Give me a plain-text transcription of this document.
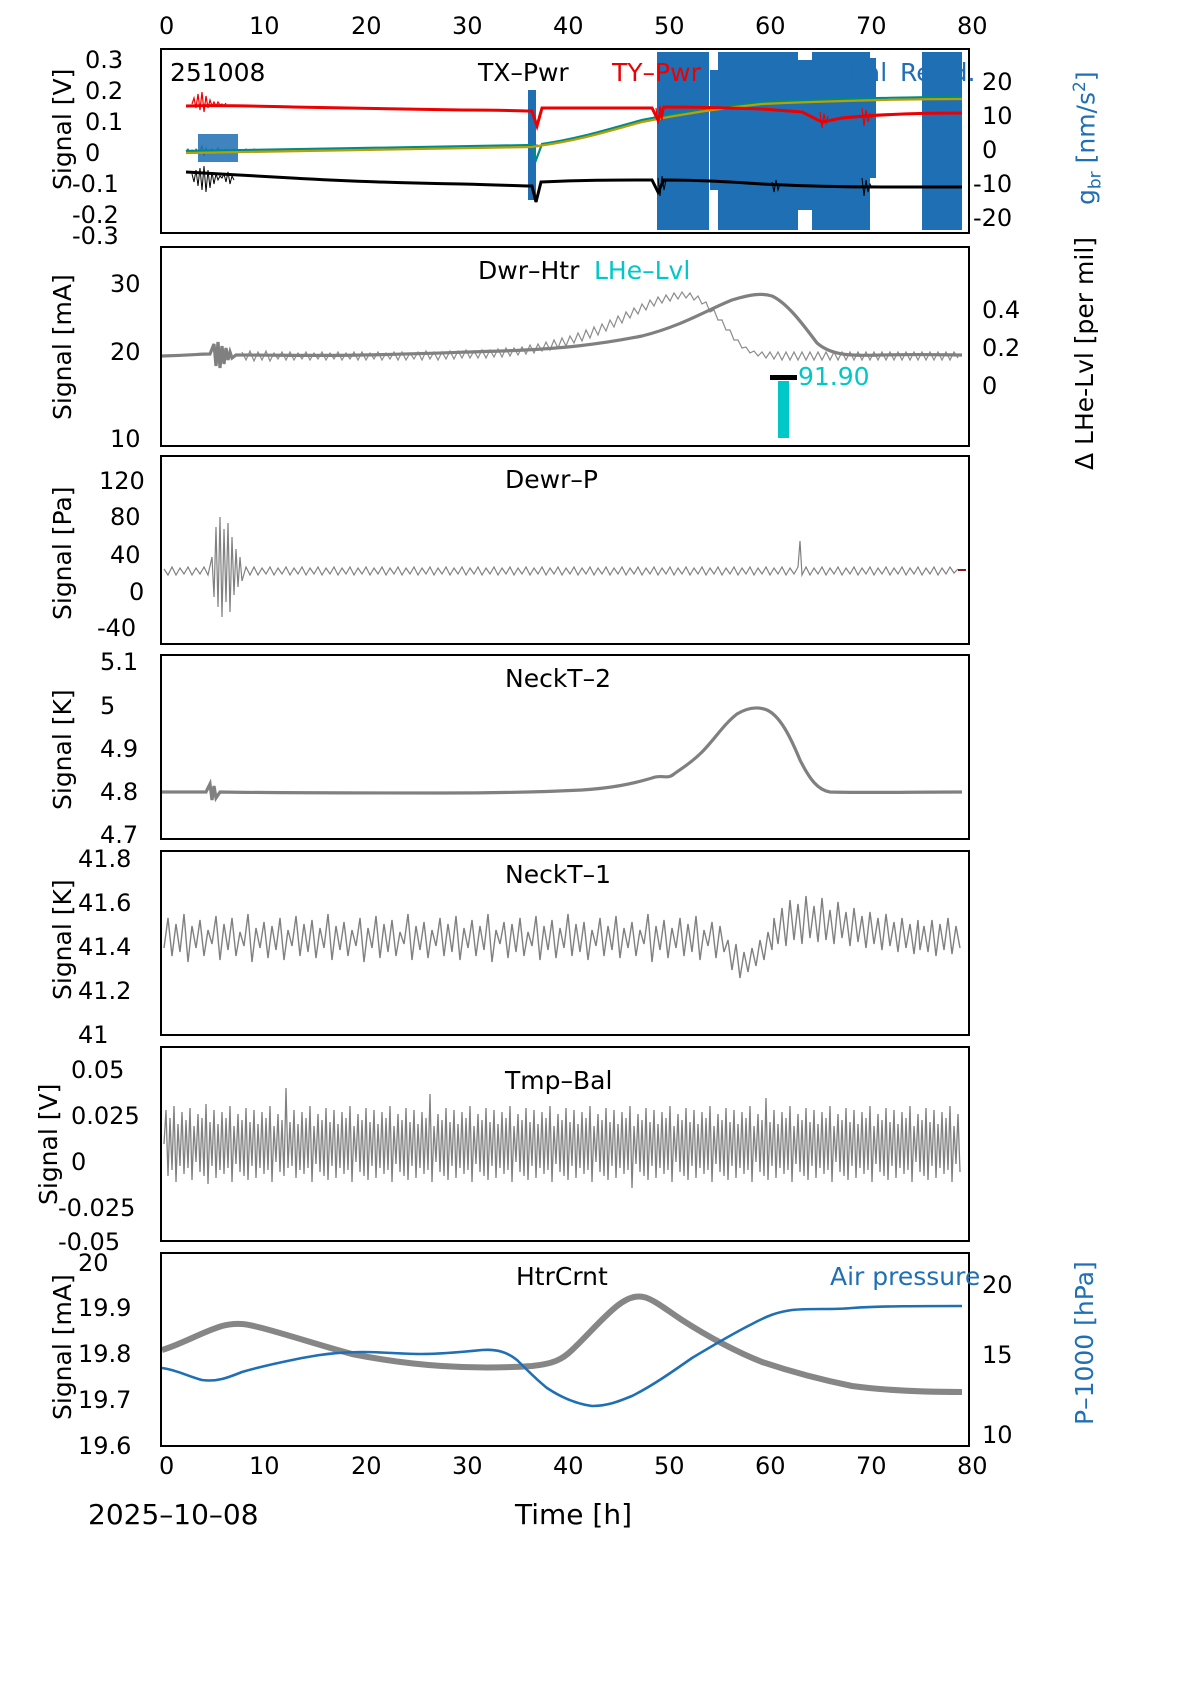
251008	TX–Pwr TY–Pwr	SG–Bal Resid.
0	10	20	30	40	50	60	70	80
0.3
0.2
0.1
0
-0.1
-0.2
-0.3
Signal [V]	20
10
0
-10
-20
$g_{br}$ $[nm/s^2]$
Dwr–Htr LHe–Lvl
91.90
30
20
10
Signal [mA]	0.4
0.2
0	Δ LHe-Lvl [per mil]
Dewr–P
120
80
40
0
-40
Signal [Pa]
NeckT–2
5.1
5
4.9
4.8
4.7
Signal [K]
NeckT–1
41.8
41.6
41.4
41.2
41
Signal [K]
Tmp–Bal
0.05
0.025
0
-0.025
-0.05
Signal [V]
HtrCrnt	Air pressure
20
19.9
19.8
19.7
19.6
Signal [mA]	20
15
10
P–1000 [hPa]
0	10	20	30	40	50	60	70	80
Time [h]
2025–10–08
